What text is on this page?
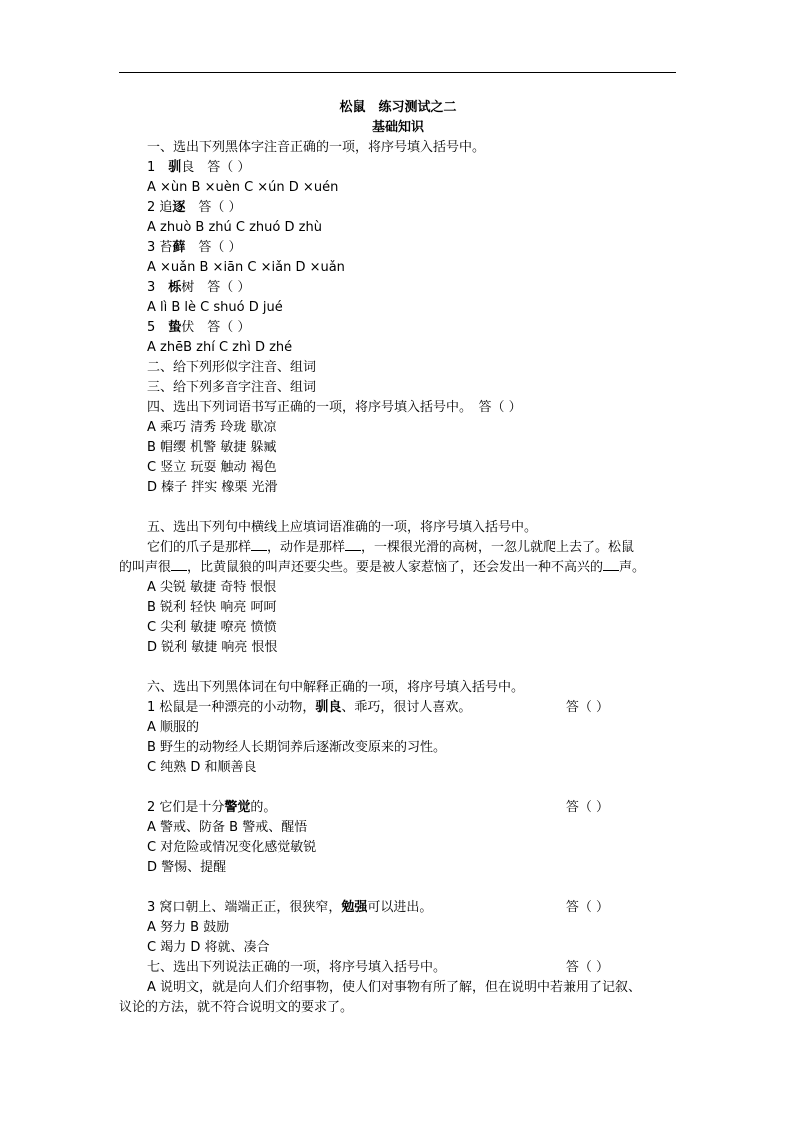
松鼠　练习测试之二
基础知识
一、选出下列黑体字注音正确的一项，将序号填入括号中。
1　驯良　答（ ）
A ×ùn B ×uèn C ×ún D ×uén
2 追逐　答（ ）
A zhuò B zhú C zhuó D zhù
3 苔藓　答（ ）
A ×uǎn B ×iān C ×iǎn D ×uǎn
3　栎树　答（ ）
A lì B lè C shuó D jué
5　蛰伏　答（ ）
A zhēB zhí C zhì D zhé
二、给下列形似字注音、组词
三、给下列多音字注音、组词
四、选出下列词语书写正确的一项，将序号填入括号中。　答（ ）
A 乘巧 清秀 玲珑 歇凉
B 帽缨 机警 敏捷 躲臧
C 竖立 玩耍 触动 褐色
D 榛子 拌实 橡栗 光滑
五、选出下列句中横线上应填词语准确的一项，将序号填入括号中。
它们的爪子是那样 ，动作是那样 ，一棵很光滑的高树，一忽儿就爬上去了。松鼠的叫声很 ，比黄鼠狼的叫声还要尖些。要是被人家惹恼了，还会发出一种不高兴的 声。
A 尖锐 敏捷 奇特 恨恨
B 锐利 轻快 响亮 呵呵
C 尖利 敏捷 嘹亮 愤愤
D 锐利 敏捷 响亮 恨恨
六、选出下列黑体词在句中解释正确的一项，将序号填入括号中。
1 松鼠是一种漂亮的小动物，驯良、乖巧，很讨人喜欢。	答（ ）
A 顺服的
B 野生的动物经人长期饲养后逐渐改变原来的习性。
C 纯熟 D 和顺善良
2 它们是十分警觉的。	答（ ）
A 警戒、防备 B 警戒、醒悟
C 对危险或情况变化感觉敏锐
D 警惕、提醒
3 窝口朝上、端端正正，很狭窄，勉强可以进出。	答（ ）
A 努力 B 鼓励
C 竭力 D 将就、凑合
七、选出下列说法正确的一项，将序号填入括号中。	答（ ）
A 说明文，就是向人们介绍事物，使人们对事物有所了解，但在说明中若兼用了记叙、议论的方法，就不符合说明文的要求了。
